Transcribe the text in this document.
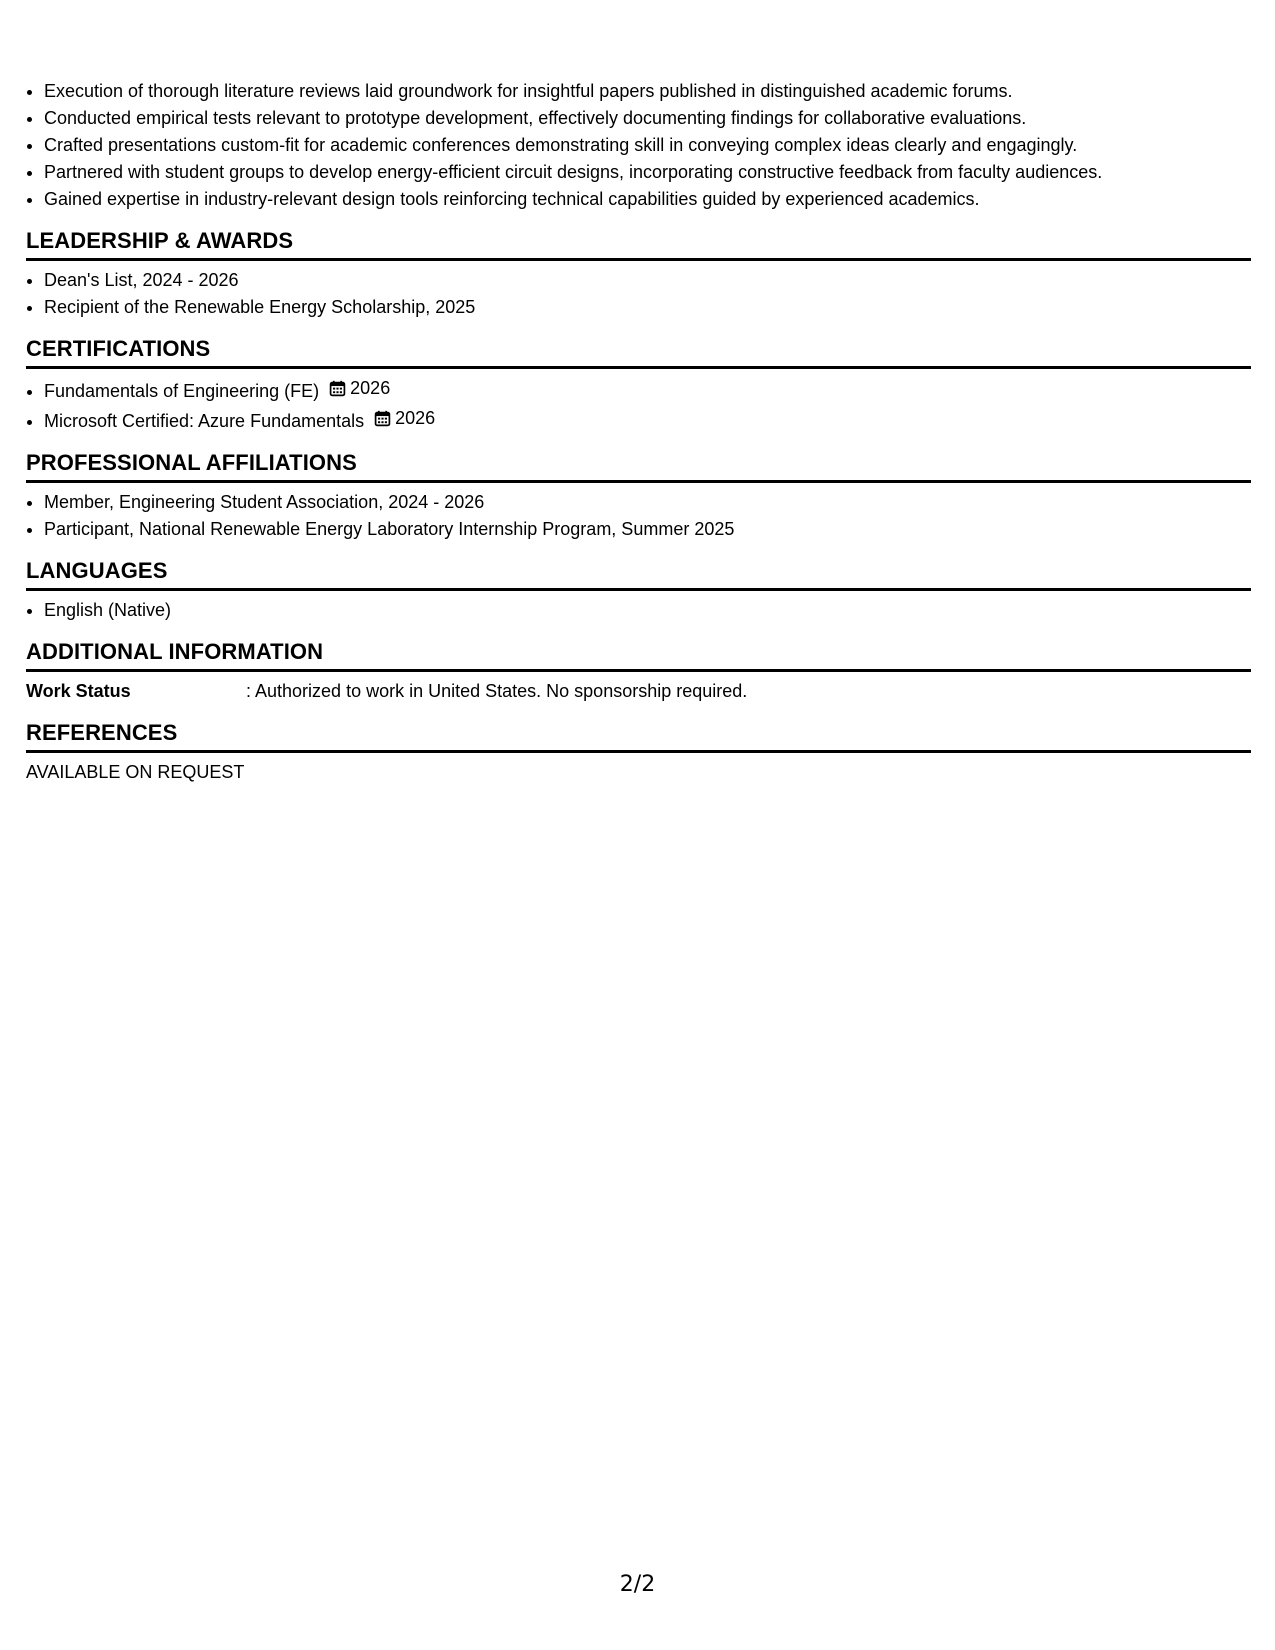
• Execution of thorough literature reviews laid groundwork for insightful papers published in distinguished academic forums.
• Conducted empirical tests relevant to prototype development, effectively documenting findings for collaborative evaluations.
• Crafted presentations custom-fit for academic conferences demonstrating skill in conveying complex ideas clearly and engagingly.
• Partnered with student groups to develop energy-efficient circuit designs, incorporating constructive feedback from faculty audiences.
• Gained expertise in industry-relevant design tools reinforcing technical capabilities guided by experienced academics.
LEADERSHIP & AWARDS
• Dean's List, 2024 - 2026
• Recipient of the Renewable Energy Scholarship, 2025
CERTIFICATIONS
• Fundamentals of Engineering (FE) 2026
• Microsoft Certified: Azure Fundamentals 2026
PROFESSIONAL AFFILIATIONS
• Member, Engineering Student Association, 2024 - 2026
• Participant, National Renewable Energy Laboratory Internship Program, Summer 2025
LANGUAGES
• English (Native)
ADDITIONAL INFORMATION
Work Status	: Authorized to work in United States. No sponsorship required.
REFERENCES
AVAILABLE ON REQUEST
2/2
